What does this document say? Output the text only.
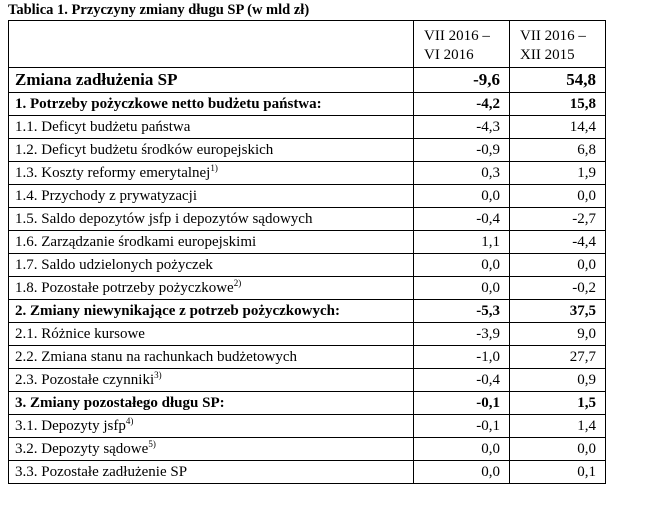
Tablica 1. Przyczyny zmiany długu SP (w mld zł)
	VII 2016 –
VI 2016	VII 2016 –
XII 2015
Zmiana zadłużenia SP	-9,6	54,8
1. Potrzeby pożyczkowe netto budżetu państwa:	-4,2	15,8
1.1. Deficyt budżetu państwa	-4,3	14,4
1.2. Deficyt budżetu środków europejskich	-0,9	6,8
1.3. Koszty reformy emerytalnej$^{1)}$	0,3	1,9
1.4. Przychody z prywatyzacji	0,0	0,0
1.5. Saldo depozytów jsfp i depozytów sądowych	-0,4	-2,7
1.6. Zarządzanie środkami europejskimi	1,1	-4,4
1.7. Saldo udzielonych pożyczek	0,0	0,0
1.8. Pozostałe potrzeby pożyczkowe$^{2)}$	0,0	-0,2
2. Zmiany niewynikające z potrzeb pożyczkowych:	-5,3	37,5
2.1. Różnice kursowe	-3,9	9,0
2.2. Zmiana stanu na rachunkach budżetowych	-1,0	27,7
2.3. Pozostałe czynniki$^{3)}$	-0,4	0,9
3. Zmiany pozostałego długu SP:	-0,1	1,5
3.1. Depozyty jsfp$^{4)}$	-0,1	1,4
3.2. Depozyty sądowe$^{5)}$	0,0	0,0
3.3. Pozostałe zadłużenie SP	0,0	0,1
